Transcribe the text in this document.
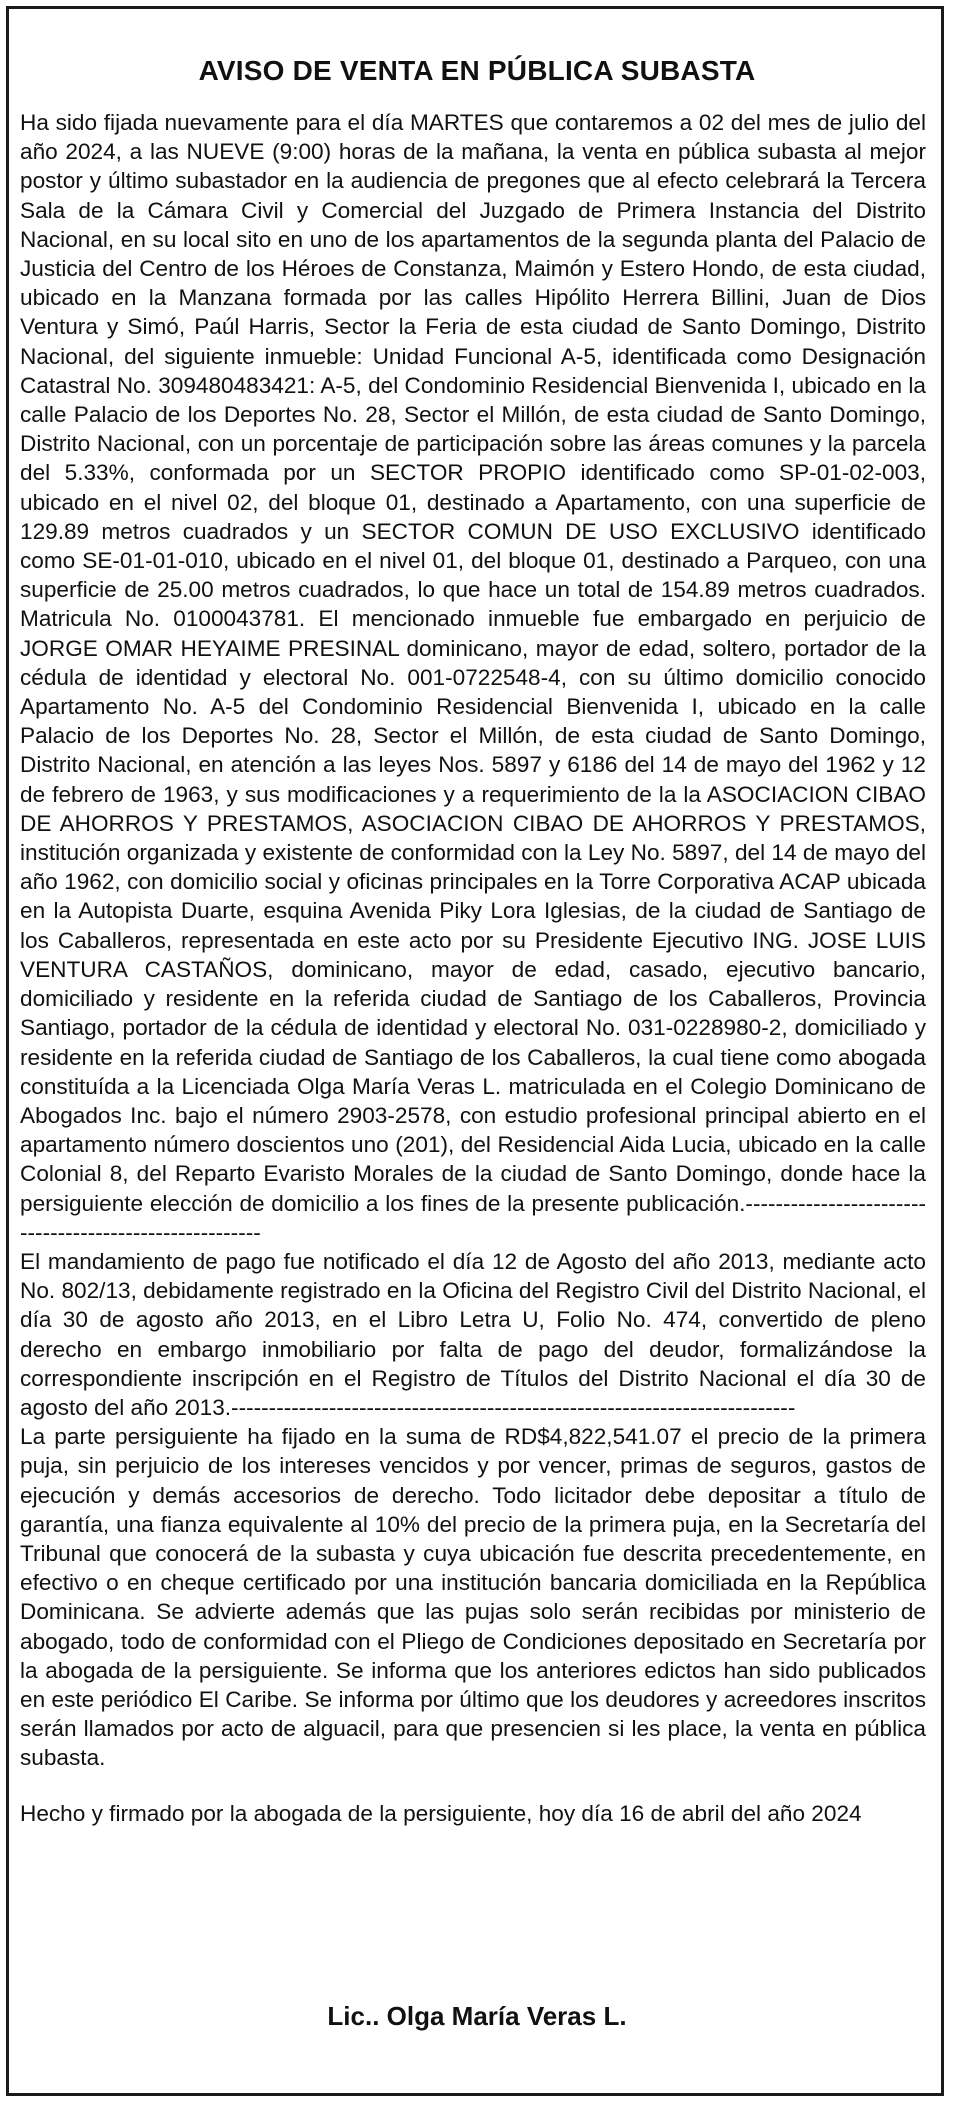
AVISO DE VENTA EN PÚBLICA SUBASTA

Ha sido fijada nuevamente para el día MARTES que contaremos a 02 del mes de julio del año 2024, a las NUEVE (9:00) horas de la mañana, la venta en pública subasta al mejor postor y último subastador en la audiencia de pregones que al efecto celebrará la Tercera Sala de la Cámara Civil y Comercial del Juzgado de Primera Instancia del Distrito Nacional, en su local sito en uno de los apartamentos de la segunda planta del Palacio de Justicia del Centro de los Héroes de Constanza, Maimón y Estero Hondo, de esta ciudad, ubicado en la Manzana formada por las calles Hipólito Herrera Billini, Juan de Dios Ventura y Simó, Paúl Harris, Sector la Feria de esta ciudad de Santo Domingo, Distrito Nacional, del siguiente inmueble: Unidad Funcional A-5, identificada como Designación Catastral No. 309480483421: A-5, del Condominio Residencial Bienvenida I, ubicado en la calle Palacio de los Deportes No. 28, Sector el Millón, de esta ciudad de Santo Domingo, Distrito Nacional, con un porcentaje de participación sobre las áreas comunes y la parcela del 5.33%, conformada por un SECTOR PROPIO identificado como SP-01-02-003, ubicado en el nivel 02, del bloque 01, destinado a Apartamento, con una superficie de 129.89 metros cuadrados y un SECTOR COMUN DE USO EXCLUSIVO identificado como SE-01-01-010, ubicado en el nivel 01, del bloque 01, destinado a Parqueo, con una superficie de 25.00 metros cuadrados, lo que hace un total de 154.89 metros cuadrados. Matricula No. 0100043781. El mencionado inmueble fue embargado en perjuicio de JORGE OMAR HEYAIME PRESINAL dominicano, mayor de edad, soltero, portador de la cédula de identidad y electoral No. 001-0722548-4, con su último domicilio conocido Apartamento No. A-5 del Condominio Residencial Bienvenida I, ubicado en la calle Palacio de los Deportes No. 28, Sector el Millón, de esta ciudad de Santo Domingo, Distrito Nacional, en atención a las leyes Nos. 5897 y 6186 del 14 de mayo del 1962 y 12 de febrero de 1963, y sus modificaciones y a requerimiento de la la ASOCIACION CIBAO DE AHORROS Y PRESTAMOS, ASOCIACION CIBAO DE AHORROS Y PRESTAMOS, institución organizada y existente de conformidad con la Ley No. 5897, del 14 de mayo del año 1962, con domicilio social y oficinas principales en la Torre Corporativa ACAP ubicada en la Autopista Duarte, esquina Avenida Piky Lora Iglesias, de la ciudad de Santiago de los Caballeros, representada en este acto por su Presidente Ejecutivo ING. JOSE LUIS VENTURA CASTAÑOS, dominicano, mayor de edad, casado, ejecutivo bancario, domiciliado y residente en la referida ciudad de Santiago de los Caballeros, Provincia Santiago, portador de la cédula de identidad y electoral No. 031-0228980-2, domiciliado y residente en la referida ciudad de Santiago de los Caballeros, la cual tiene como abogada constituída a la Licenciada Olga María Veras L. matriculada en el Colegio Dominicano de Abogados Inc. bajo el número 2903-2578, con estudio profesional principal abierto en el apartamento número doscientos uno (201), del Residencial Aida Lucia, ubicado en la calle Colonial 8, del Reparto Evaristo Morales de la ciudad de Santo Domingo, donde hace la persiguiente elección de domicilio a los fines de la presente publicación.--------------------------------------------------------

El mandamiento de pago fue notificado el día 12 de Agosto del año 2013, mediante acto No. 802/13, debidamente registrado en la Oficina del Registro Civil del Distrito Nacional, el día 30 de agosto año 2013, en el Libro Letra U, Folio No. 474, convertido de pleno derecho en embargo inmobiliario por falta de pago del deudor, formalizándose la correspondiente inscripción en el Registro de Títulos del Distrito Nacional el día 30 de agosto del año 2013.---------------------------------------------------------------------------

La parte persiguiente ha fijado en la suma de RD$4,822,541.07 el precio de la primera puja, sin perjuicio de los intereses vencidos y por vencer, primas de seguros, gastos de ejecución y demás accesorios de derecho. Todo licitador debe depositar a título de garantía, una fianza equivalente al 10% del precio de la primera puja, en la Secretaría del Tribunal que conocerá de la subasta y cuya ubicación fue descrita precedentemente, en efectivo o en cheque certificado por una institución bancaria domiciliada en la República Dominicana. Se advierte además que las pujas solo serán recibidas por ministerio de abogado, todo de conformidad con el Pliego de Condiciones depositado en Secretaría por la abogada de la persiguiente. Se informa que los anteriores edictos han sido publicados en este periódico El Caribe. Se informa por último que los deudores y acreedores inscritos serán llamados por acto de alguacil, para que presencien si les place, la venta en pública subasta.

Hecho y firmado por la abogada de la persiguiente, hoy día 16 de abril del año 2024

Lic.. Olga María Veras L.
